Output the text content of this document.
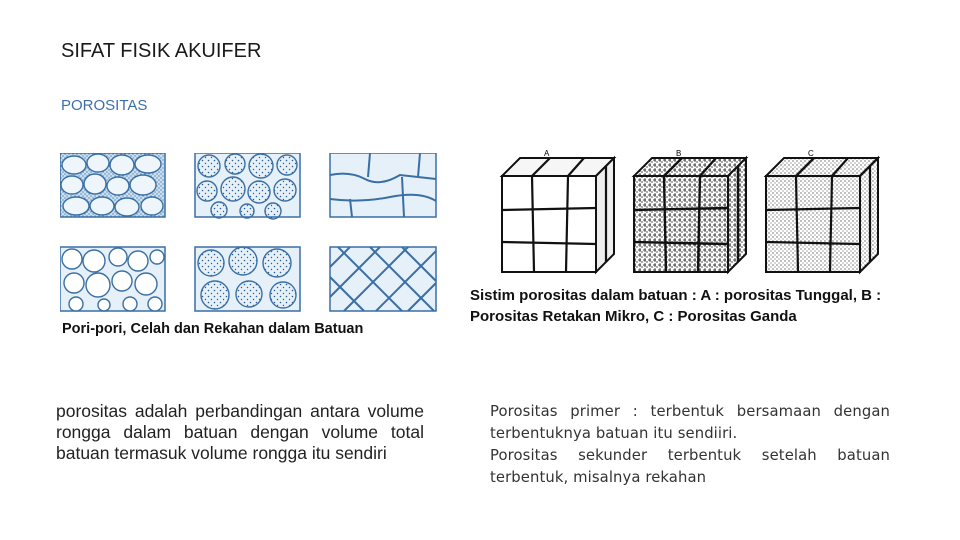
SIFAT FISIK AKUIFER
POROSITAS
Pori-pori, Celah dan Rekahan dalam Batuan
A	B	C
Sistim porositas dalam batuan : A : porositas Tunggal, B : Porositas Retakan Mikro, C : Porositas Ganda
porositas adalah perbandingan antara volume rongga dalam batuan dengan volume total batuan termasuk volume rongga itu sendiri

Porositas primer : terbentuk bersamaan dengan terbentuknya batuan itu sendiiri.

Porositas sekunder terbentuk setelah batuan terbentuk, misalnya rekahan
